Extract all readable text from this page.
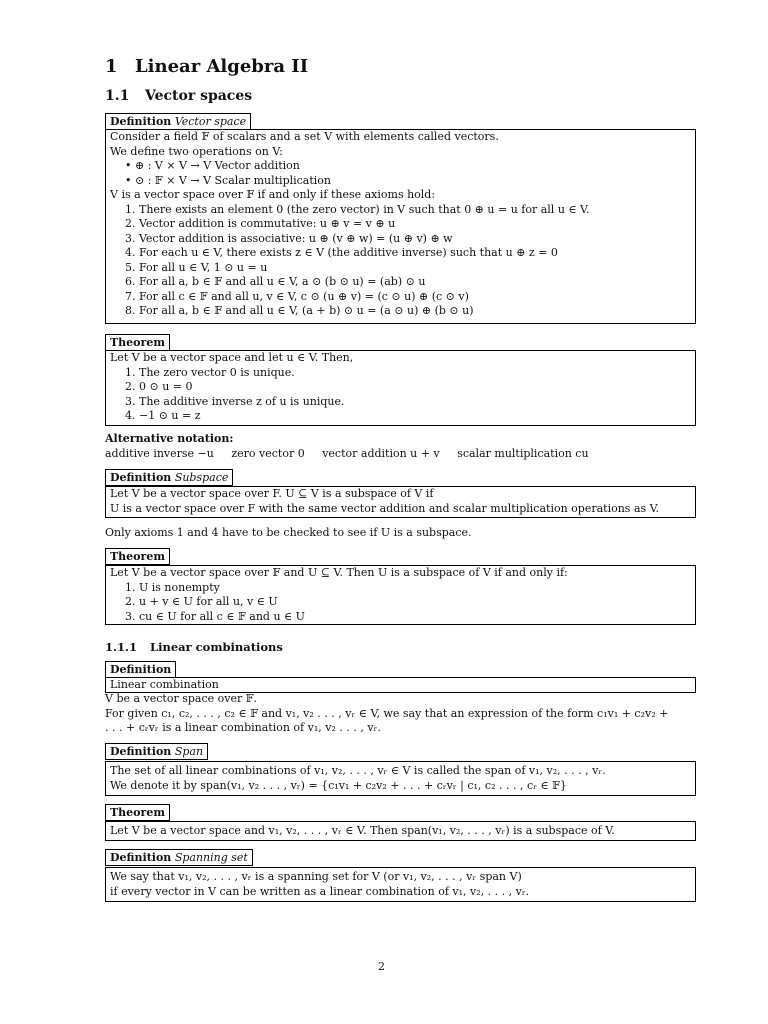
1 Linear Algebra II
1.1 Vector spaces
Definition Vector space
Consider a field 𝔽 of scalars and a set V with elements called vectors.
We define two operations on V:
• ⊕ : V × V → V Vector addition
• ⊙ : 𝔽 × V → V Scalar multiplication
V is a vector space over 𝔽 if and only if these axioms hold:
1. There exists an element 0 (the zero vector) in V such that 0 ⊕ u = u for all u ∈ V.
2. Vector addition is commutative: u ⊕ v = v ⊕ u
3. Vector addition is associative: u ⊕ (v ⊕ w) = (u ⊕ v) ⊕ w
4. For each u ∈ V, there exists z ∈ V (the additive inverse) such that u ⊕ z = 0
5. For all u ∈ V, 1 ⊙ u = u
6. For all a, b ∈ 𝔽 and all u ∈ V, a ⊙ (b ⊙ u) = (ab) ⊙ u
7. For all c ∈ 𝔽 and all u, v ∈ V, c ⊙ (u ⊕ v) = (c ⊙ u) ⊕ (c ⊙ v)
8. For all a, b ∈ 𝔽 and all u ∈ V, (a + b) ⊙ u = (a ⊙ u) ⊕ (b ⊙ u)
Theorem
Let V be a vector space and let u ∈ V. Then,
1. The zero vector 0 is unique.
2. 0 ⊙ u = 0
3. The additive inverse z of u is unique.
4. −1 ⊙ u = z
Alternative notation:
additive inverse −u zero vector 0 vector addition u + v scalar multiplication cu
Definition Subspace
Let V be a vector space over F. U ⊆ V is a subspace of V if
U is a vector space over F with the same vector addition and scalar multiplication operations as V.
Only axioms 1 and 4 have to be checked to see if U is a subspace.
Theorem
Let V be a vector space over 𝔽 and U ⊆ V. Then U is a subspace of V if and only if:
1. U is nonempty
2. u + v ∈ U for all u, v ∈ U
3. cu ∈ U for all c ∈ 𝔽 and u ∈ U
1.1.1 Linear combinations
Definition
Linear combination
V be a vector space over 𝔽.
For given c₁, c₂, . . . , c₂ ∈ 𝔽 and v₁, v₂ . . . , vᵣ ∈ V, we say that an expression of the form c₁v₁ + c₂v₂ +
. . . + cᵣvᵣ is a linear combination of v₁, v₂ . . . , vᵣ.
Definition Span
The set of all linear combinations of v₁, v₂, . . . , vᵣ ∈ V is called the span of v₁, v₂, . . . , vᵣ.
We denote it by span(v₁, v₂ . . . , vᵣ) = {c₁v₁ + c₂v₂ + . . . + cᵣvᵣ | c₁, c₂ . . . , cᵣ ∈ 𝔽}
Theorem
Let V be a vector space and v₁, v₂, . . . , vᵣ ∈ V. Then span(v₁, v₂, . . . , vᵣ) is a subspace of V.
Definition Spanning set
We say that v₁, v₂, . . . , vᵣ is a spanning set for V (or v₁, v₂, . . . , vᵣ span V)
if every vector in V can be written as a linear combination of v₁, v₂, . . . , vᵣ.
2
